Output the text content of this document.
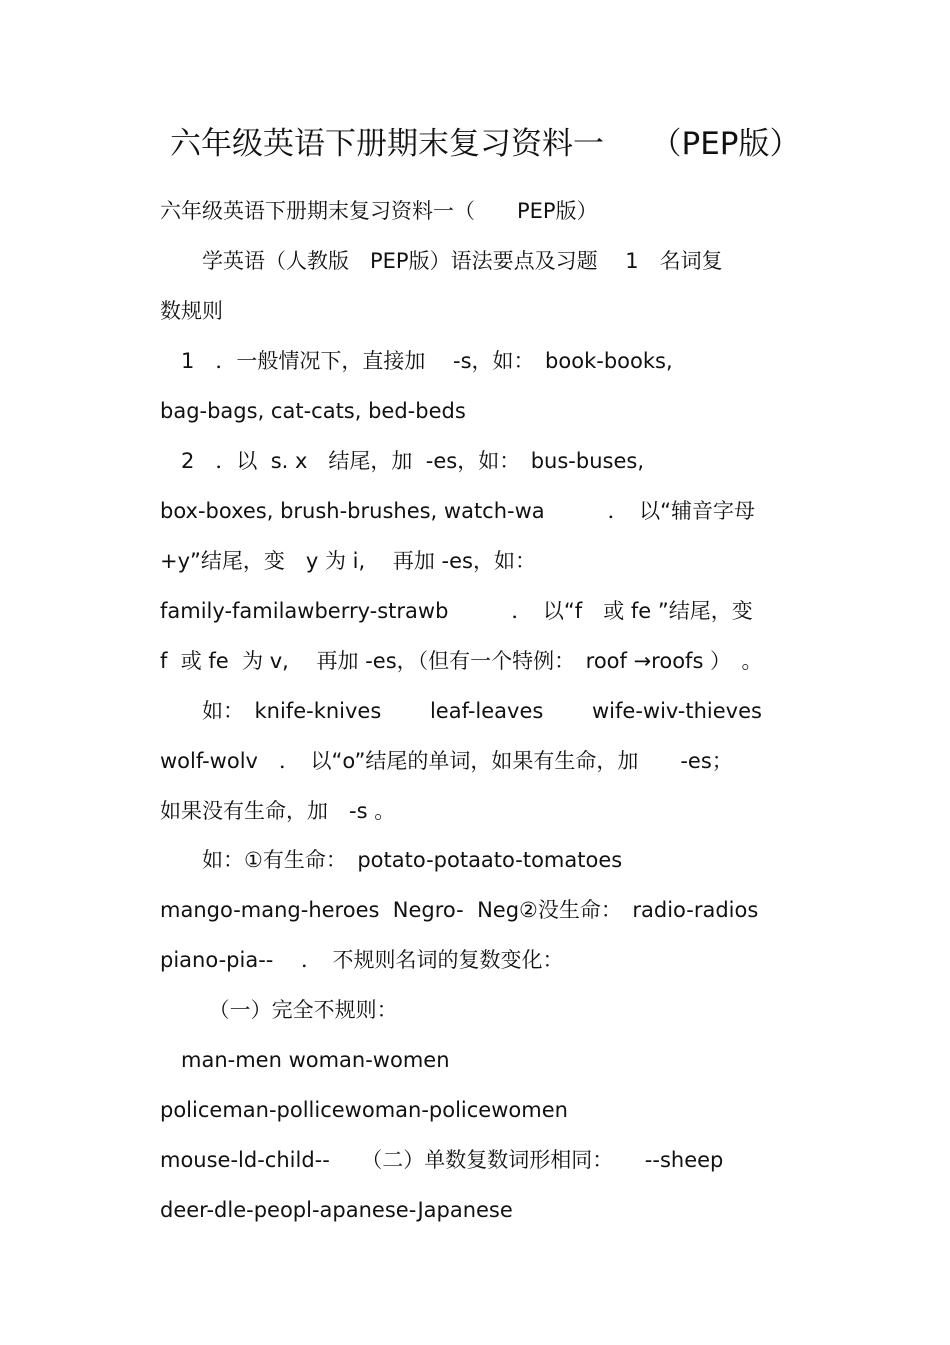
六年级英语下册期末复习资料一　　（PEP版）
六年级英语下册期末复习资料一（　　PEP版）
　　学英语（人教版　PEP版）语法要点及习题　 1　名词复
数规则
　1　．一般情况下，直接加　 -s，如：　book-books,
bag-bags, cat-cats, bed-beds
　2　．以  s. x　结尾，加  -es，如：　bus-buses,
box-boxes, brush-brushes, watch-wa　　　．　以“辅音字母
+y”结尾，变　y 为 i,　 再加 -es，如：
family-familawberry-strawb　　　．　以“f　或 fe ”结尾，变
f  或 fe  为 v,　 再加 -es，（但有一个特例：　roof →roofs ）　。
　　如：　knife-knives　　 leaf-leaves　　 wife-wiv-thieves
wolf-wolv　．　以“o”结尾的单词，如果有生命，加　　-es；
如果没有生命，加　-s 。
　　如：①有生命：　potato-potaato-tomatoes
mango-mang-heroes  Negro-  Neg②没生命：　radio-radios
piano-pia--　 ．　不规则名词的复数变化：
　　 （一）完全不规则：
　man-men woman-women
policeman-pollicewoman-policewomen
mouse-ld-child--　　（二）单数复数词形相同：　　--sheep
deer-dle-peopl-apanese-Japanese
